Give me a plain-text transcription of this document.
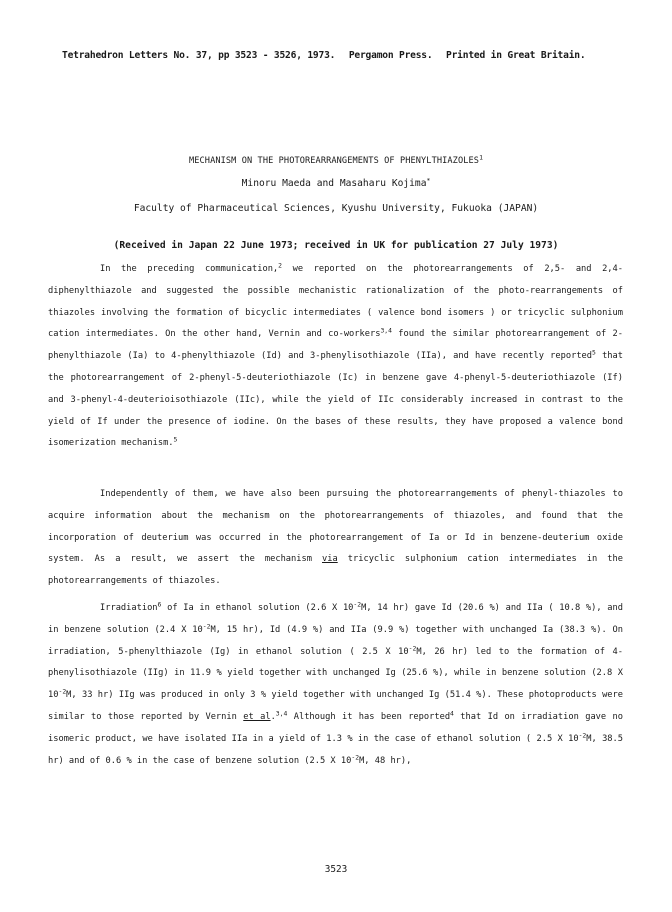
Tetrahedron Letters No. 37, pp 3523 - 3526, 1973. Pergamon Press. Printed in Great Britain.
MECHANISM ON THE PHOTOREARRANGEMENTS OF PHENYLTHIAZOLES$^1$
Minoru Maeda and Masaharu Kojima*
Faculty of Pharmaceutical Sciences, Kyushu University, Fukuoka (JAPAN)
(Received in Japan 22 June 1973; received in UK for publication 27 July 1973)

In the preceding communication,$^2$ we reported on the photorearrangements of 2,5- and 2,4-diphenylthiazole and suggested the possible mechanistic rationalization of the photo-rearrangements of thiazoles involving the formation of bicyclic intermediates ( valence bond isomers ) or tricyclic sulphonium cation intermediates. On the other hand, Vernin and co-workers$^{3,4}$ found the similar photorearrangement of 2-phenylthiazole (Ia) to 4-phenylthiazole (Id) and 3-phenylisothiazole (IIa), and have recently reported$^5$ that the photorearrangement of 2-phenyl-5-deuteriothiazole (Ic) in benzene gave 4-phenyl-5-deuteriothiazole (If) and 3-phenyl-4-deuterioisothiazole (IIc), while the yield of IIc considerably increased in contrast to the yield of If under the presence of iodine. On the bases of these results, they have proposed a valence bond isomerization mechanism.$^5$

Independently of them, we have also been pursuing the photorearrangements of phenyl-thiazoles to acquire information about the mechanism on the photorearrangements of thiazoles, and found that the incorporation of deuterium was occurred in the photorearrangement of Ia or Id in benzene-deuterium oxide system. As a result, we assert the mechanism via tricyclic sulphonium cation intermediates in the photorearrangements of thiazoles.

Irradiation$^6$ of Ia in ethanol solution (2.6 X $10^{-2}M$, 14 hr) gave Id (20.6 %) and IIa ( 10.8 %), and in benzene solution (2.4 X $10^{-2}M$, 15 hr), Id (4.9 %) and IIa (9.9 %) together with unchanged Ia (38.3 %). On irradiation, 5-phenylthiazole (Ig) in ethanol solution ( 2.5 X $10^{-2}M$, 26 hr) led to the formation of 4-phenylisothiazole (IIg) in 11.9 % yield together with unchanged Ig (25.6 %), while in benzene solution (2.8 X $10^{-2}M$, 33 hr) IIg was produced in only 3 % yield together with unchanged Ig (51.4 %). These photoproducts were similar to those reported by Vernin et al.$^{3,4}$ Although it has been reported$^4$ that Id on irradiation gave no isomeric product, we have isolated IIa in a yield of 1.3 % in the case of ethanol solution ( 2.5 X $10^{-2}M$, 38.5 hr) and of 0.6 % in the case of benzene solution (2.5 X $10^{-2}M$, 48 hr),

3523
